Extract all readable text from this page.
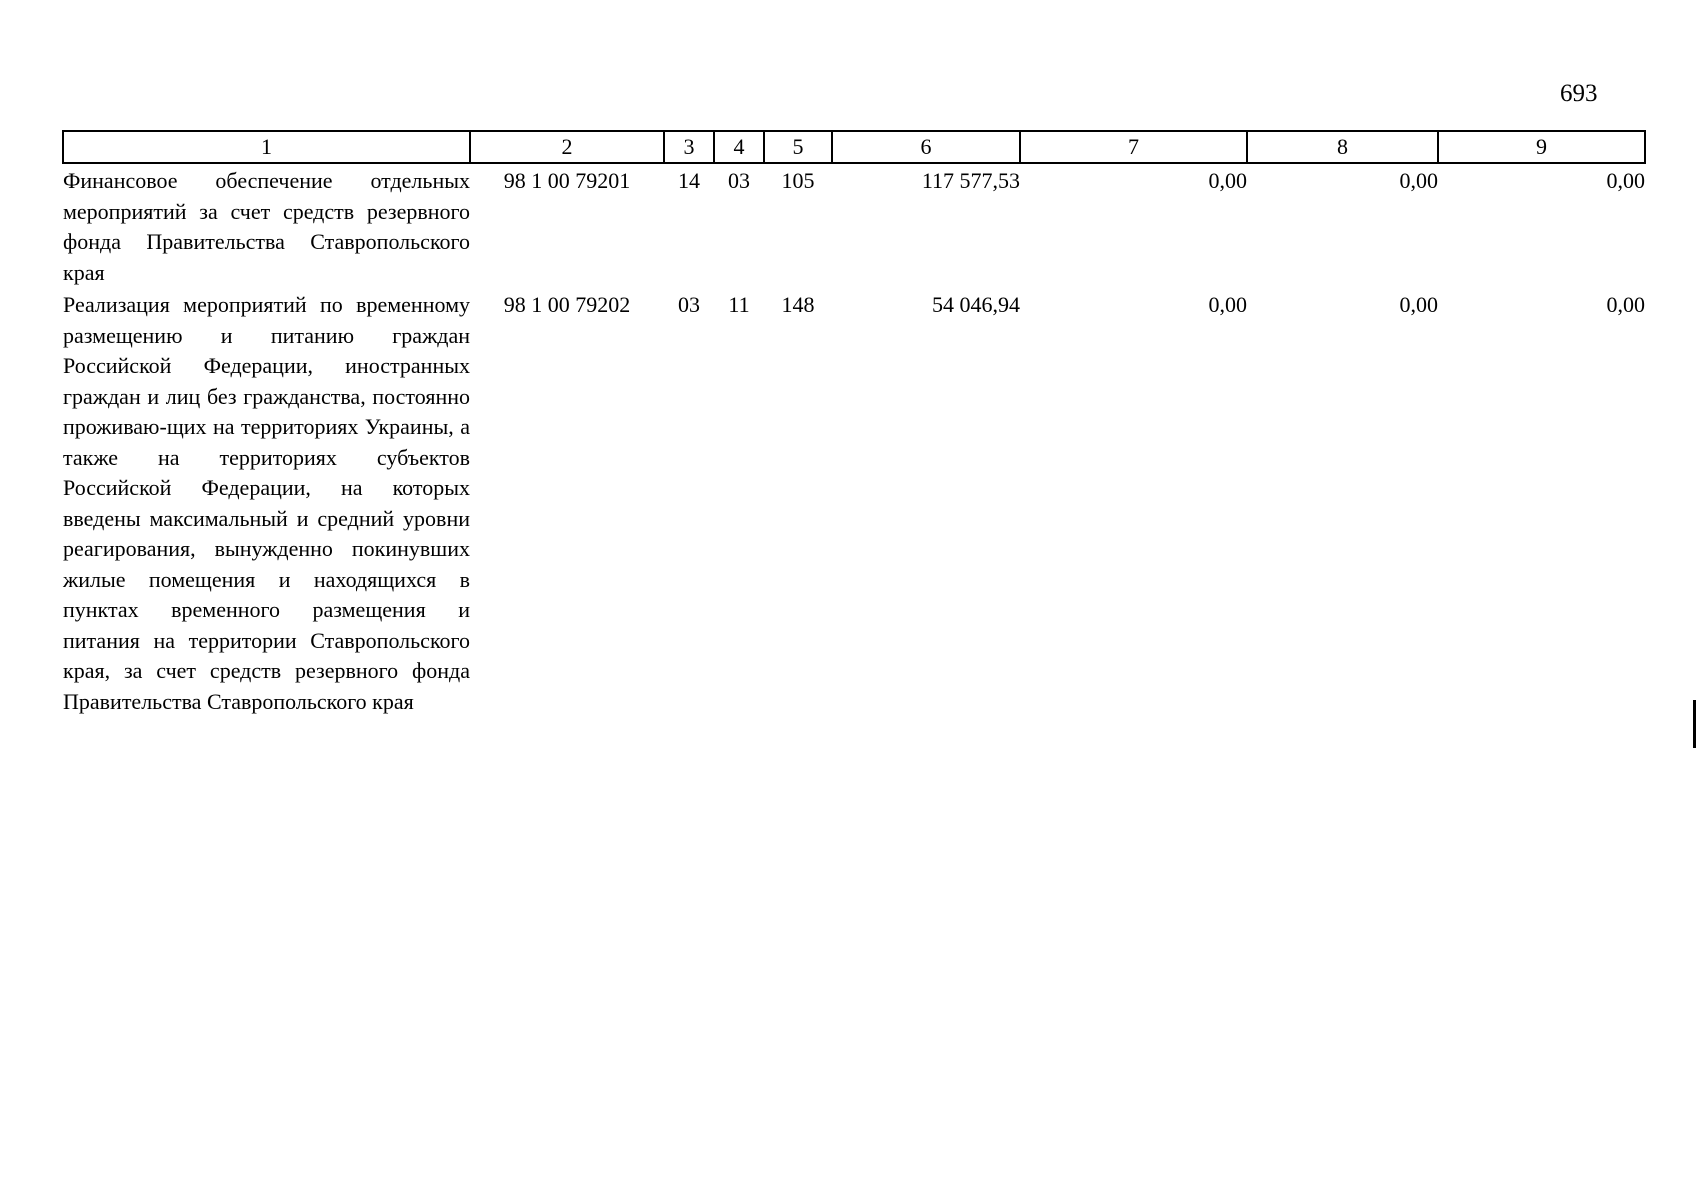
693
1	2	3	4	5	6	7	8	9
Финансовое обеспечение отдельных мероприятий за счет средств резервного фонда Правительства Ставропольского края	98 1 00 79201	14	03	105	117 577,53	0,00	0,00	0,00
Реализация мероприятий по временному размещению и питанию граждан Российской Федерации, иностранных граждан и лиц без гражданства, постоянно проживаю-щих на территориях Украины, а также на территориях субъектов Российской Федерации, на которых введены максимальный и средний уровни реагирования, вынужденно покинувших жилые помещения и находящихся в пунктах временного размещения и питания на территории Ставропольского края, за счет средств резервного фонда Правительства Ставропольского края	98 1 00 79202	03	11	148	54 046,94	0,00	0,00	0,00
